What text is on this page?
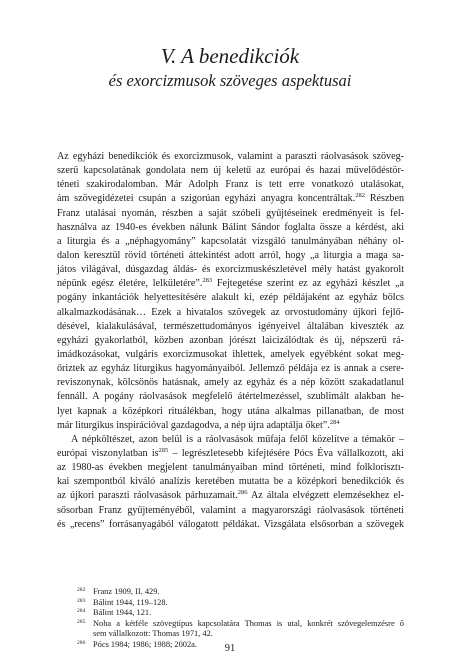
V. A benedikciók
és exorcizmusok szöveges aspektusai
Az egyházi benedikciók és exorcizmusok, valamint a paraszti ráolvasások szöveg-
szerű kapcsolatának gondolata nem új keletű az európai és hazai művelődéstör-
téneti szakirodalomban. Már Adolph Franz is tett erre vonatkozó utalásokat,
ám szövegidézetei csupán a szigorúan egyházi anyagra koncentráltak.$^{282}$ Részben
Franz utalásai nyomán, részben a saját szóbeli gyűjtéseinek eredményeit is fel-
használva az 1940-es években nálunk Bálint Sándor foglalta össze a kérdést, aki
a liturgia és a „néphagyomány” kapcsolatát vizsgáló tanulmányában néhány ol-
dalon keresztül rövid történeti áttekintést adott arról, hogy „a liturgia a maga sa-
játos világával, dúsgazdag áldás- és exorcizmuskészletével mély hatást gyakorolt
népünk egész életére, lelkületére”.$^{283}$ Fejtegetése szerint ez az egyházi készlet „a
pogány inkantációk helyettesítésére alakult ki, ezép példájaként az egyház bölcs
alkalmazkodásának… Ezek a hivatalos szövegek az orvostudomány újkori fejlő-
désével, kialakulásával, természettudományos igényeivel általában kiveszték az
egyházi gyakorlatból, közben azonban jórészt laicizálódtak és új, népszerű rá-
imádkozásokat, vulgáris exorcizmusokat ihlettek, amelyek egyébként sokat meg-
őriztek az egyház liturgikus hagyományaiból. Jellemző példája ez is annak a csere-
reviszonynak, kölcsönös hatásnak, amely az egyház és a nép között szakadatlanul
fennáll. A pogány ráolvasások megfelelő átértelmezéssel, szublimált alakban he-
lyet kapnak a középkori rituálékban, hogy utána alkalmas pillanatban, de most
már liturgikus inspirációval gazdagodva, a nép újra adaptálja őket”.$^{284}$
A népköltészet, azon belül is a ráolvasások műfaja felől közelítve a témakör –
európai viszonylatban is$^{285}$ – legrészletesebb kifejtésére Pócs Éva vállalkozott, aki
az 1980-as években megjelent tanulmányaiban mind történeti, mind folklorisztı-
kai szempontból kiváló analízis keretében mutatta be a középkori benedikciók és
az újkori paraszti ráolvasások párhuzamait.$^{286}$ Az általa elvégzett elemzésekhez el-
sősorban Franz gyűjteményéből, valamint a magyarországi ráolvasások történeti
és „recens” forrásanyagából válogatott példákat. Vizsgálata elsősorban a szövegek
282 Franz 1909, II. 429.
283 Bálint 1944, 119–128.
284 Bálint 1944, 121.
285 Noha a kétféle szövegtípus kapcsolatára Thomas is utal, konkrét szövegelemzésre ő
sem vállalkozott: Thomas 1971, 42.
286 Pócs 1984; 1986; 1988; 2002a.	91
